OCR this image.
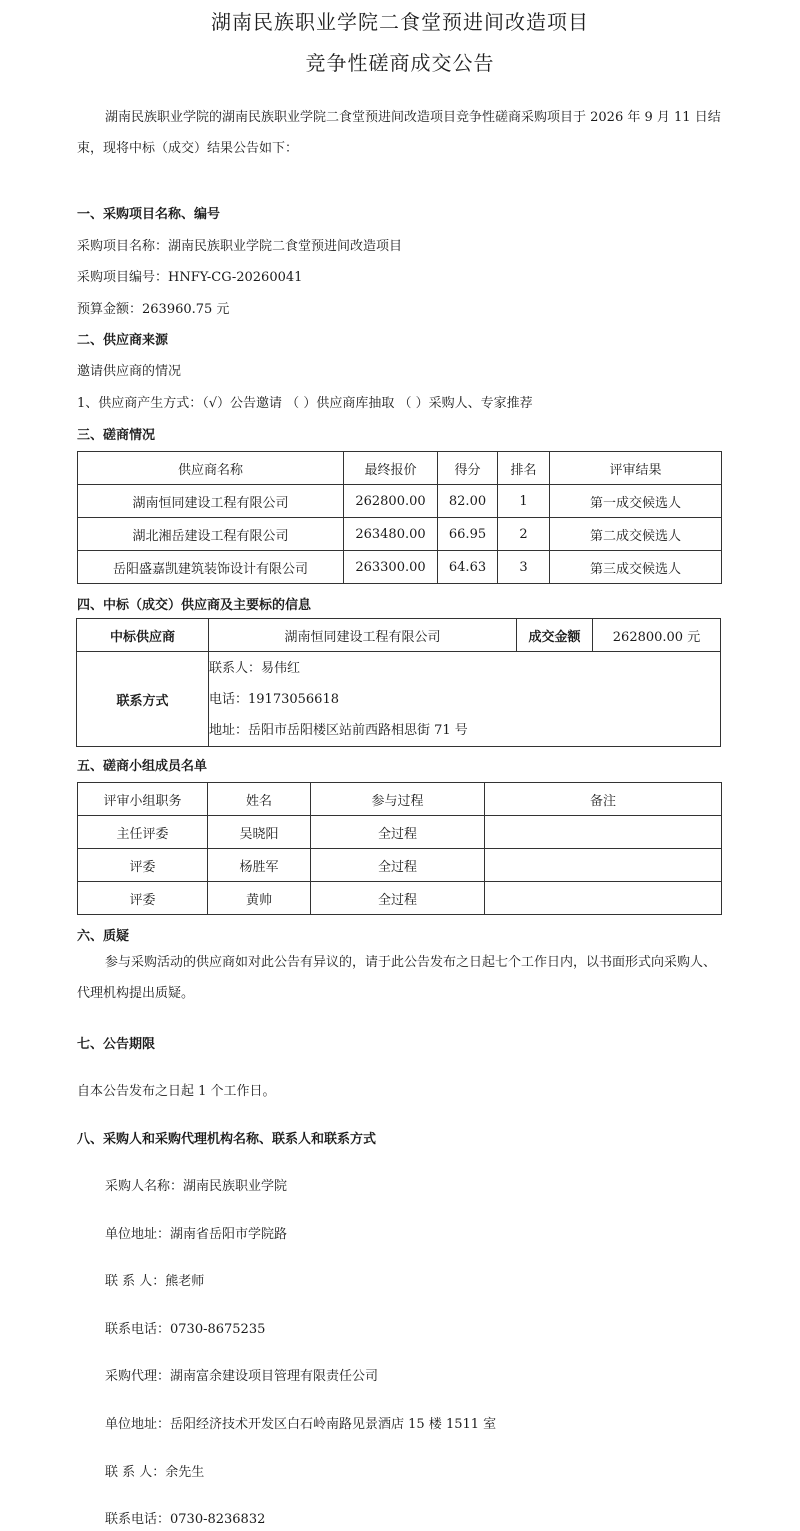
湖南民族职业学院二食堂预进间改造项目
竞争性磋商成交公告
湖南民族职业学院的湖南民族职业学院二食堂预进间改造项目竞争性磋商采购项目于 2026 年 9 月 11 日结束，现将中标（成交）结果公告如下：
一、采购项目名称、编号
采购项目名称：湖南民族职业学院二食堂预进间改造项目
采购项目编号：HNFY-CG-20260041
预算金额：263960.75 元
二、供应商来源
邀请供应商的情况
1、供应商产生方式：（√）公告邀请 （ ）供应商库抽取 （ ）采购人、专家推荐
三、磋商情况
供应商名称	最终报价	得分	排名	评审结果
湖南恒同建设工程有限公司	262800.00	82.00	1	第一成交候选人
湖北湘岳建设工程有限公司	263480.00	66.95	2	第二成交候选人
岳阳盛嘉凯建筑装饰设计有限公司	263300.00	64.63	3	第三成交候选人
四、中标（成交）供应商及主要标的信息
中标供应商	湖南恒同建设工程有限公司	成交金额	262800.00 元
联系方式	联系人：易伟红
电话：19173056618
地址：岳阳市岳阳楼区站前西路相思街 71 号		
五、磋商小组成员名单
评审小组职务	姓名	参与过程	备注
主任评委	吴晓阳	全过程	
评委	杨胜军	全过程	
评委	黄帅	全过程	
六、质疑
参与采购活动的供应商如对此公告有异议的，请于此公告发布之日起七个工作日内，以书面形式向采购人、代理机构提出质疑。
七、公告期限
自本公告发布之日起 1 个工作日。
八、采购人和采购代理机构名称、联系人和联系方式
采购人名称：湖南民族职业学院
单位地址：湖南省岳阳市学院路
联 系 人：熊老师
联系电话：0730-8675235
采购代理：湖南富余建设项目管理有限责任公司
单位地址：岳阳经济技术开发区白石岭南路见景酒店 15 楼 1511 室
联 系 人：余先生
联系电话：0730-8236832
